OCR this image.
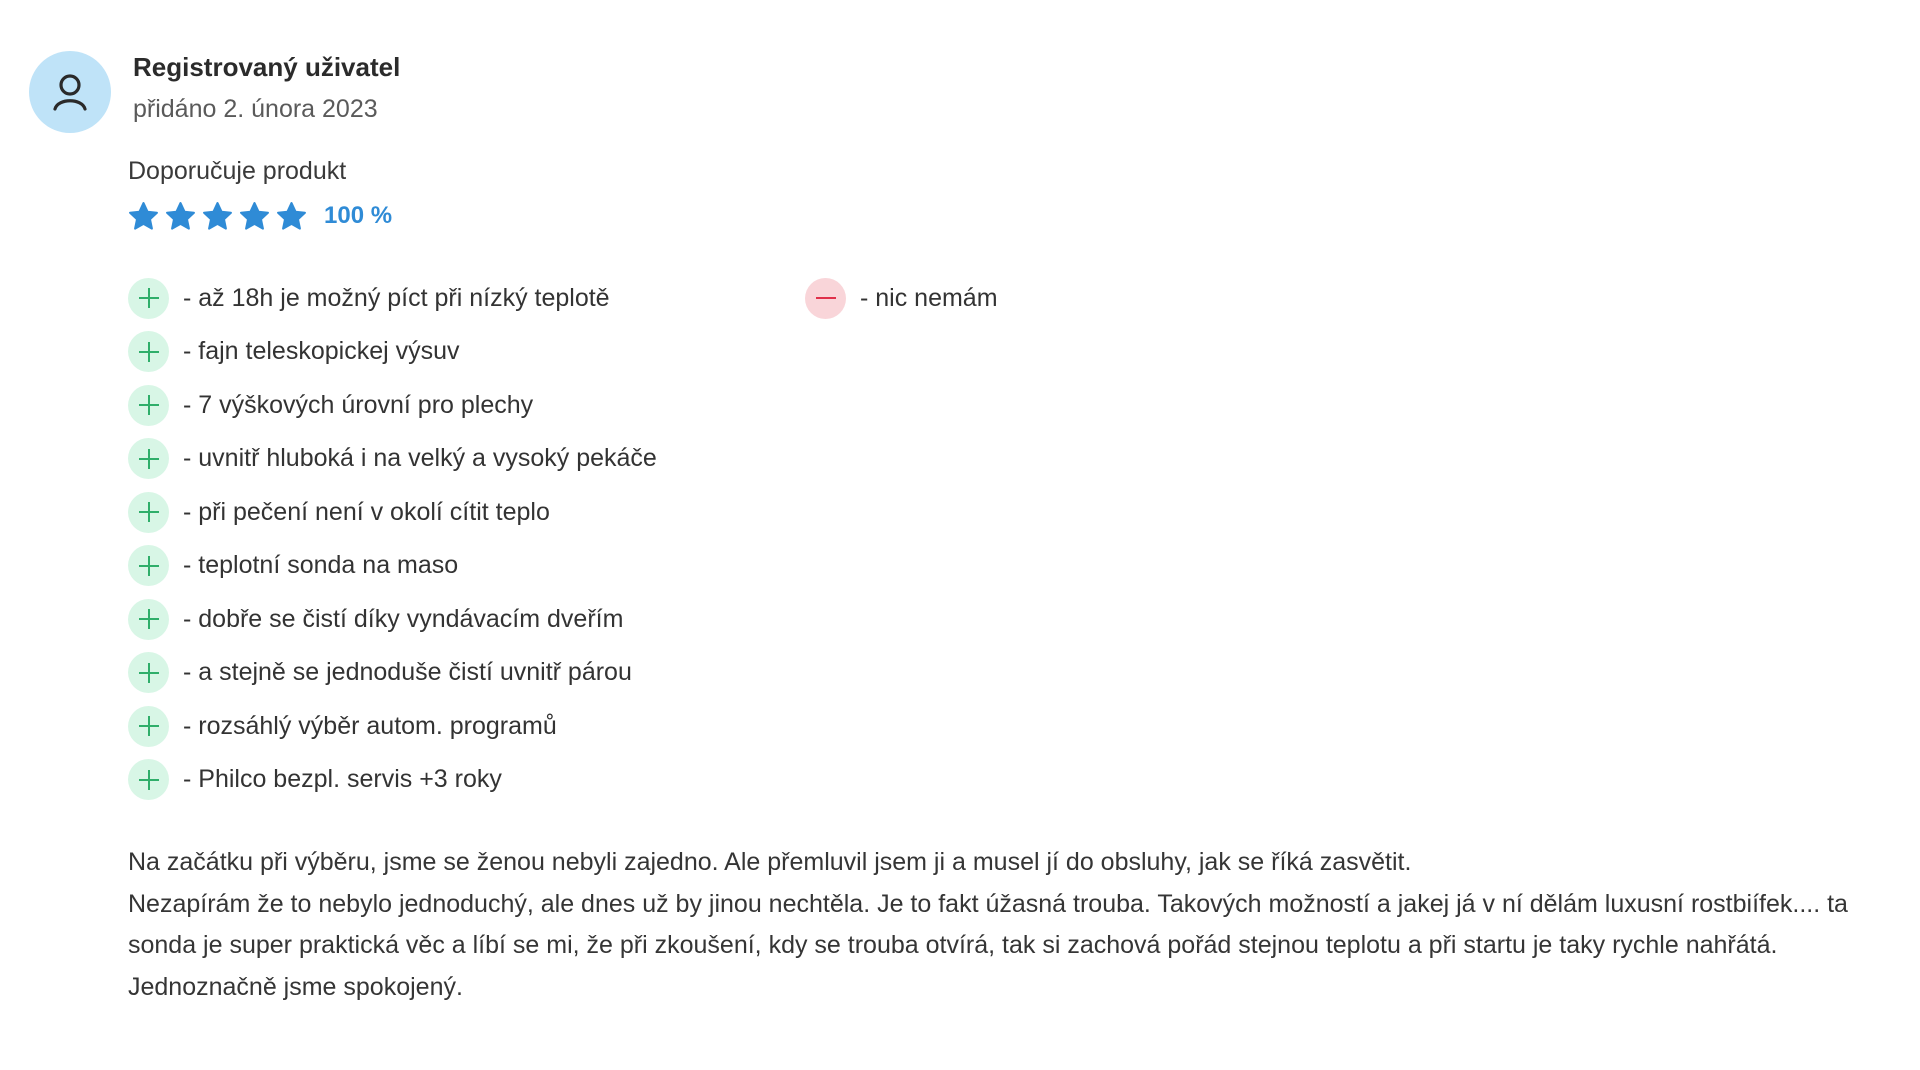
Registrovaný uživatel
přidáno 2. února 2023
Doporučuje produkt
100 %
- až 18h je možný píct při nízký teplotě
- fajn teleskopickej výsuv
- 7 výškových úrovní pro plechy
- uvnitř hluboká i na velký a vysoký pekáče
- při pečení není v okolí cítit teplo
- teplotní sonda na maso
- dobře se čistí díky vyndávacím dveřím
- a stejně se jednoduše čistí uvnitř párou
- rozsáhlý výběr autom. programů
- Philco bezpl. servis +3 roky
- nic nemám

Na začátku při výběru, jsme se ženou nebyli zajedno. Ale přemluvil jsem ji a musel jí do obsluhy, jak se říká zasvětit.

Nezapírám že to nebylo jednoduchý, ale dnes už by jinou nechtěla. Je to fakt úžasná trouba. Takových možností a jakej já v ní dělám luxusní rostbiífek.... ta sonda je super praktická věc a líbí se mi, že při zkoušení, kdy se trouba otvírá, tak si zachová pořád stejnou teplotu a při startu je taky rychle nahřátá.

Jednoznačně jsme spokojený.
